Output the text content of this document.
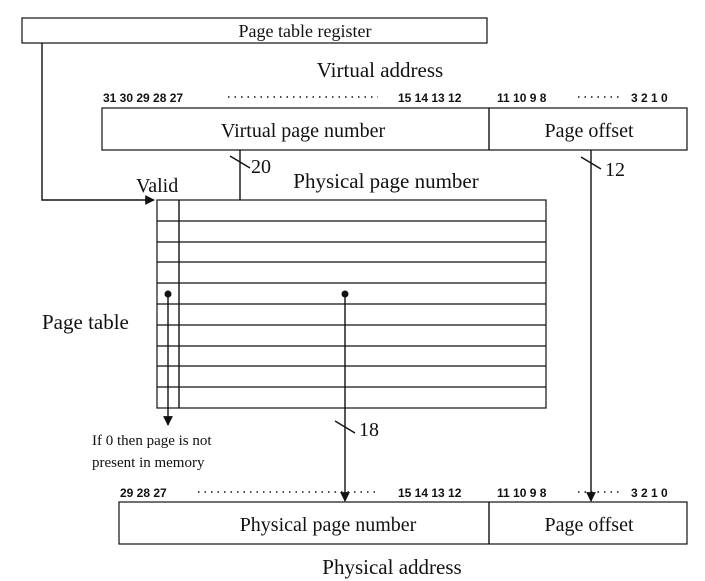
Page table register
Virtual address
31 30 29 28 27	15 14 13 12	11 10 9 8	3 2 1 0
Virtual page number	Page offset
20	12
Valid	Physical page number
Page table
If 0 then page is not
present in memory
18
29 28 27	15 14 13 12	11 10 9 8	3 2 1 0
Physical page number	Page offset
Physical address
